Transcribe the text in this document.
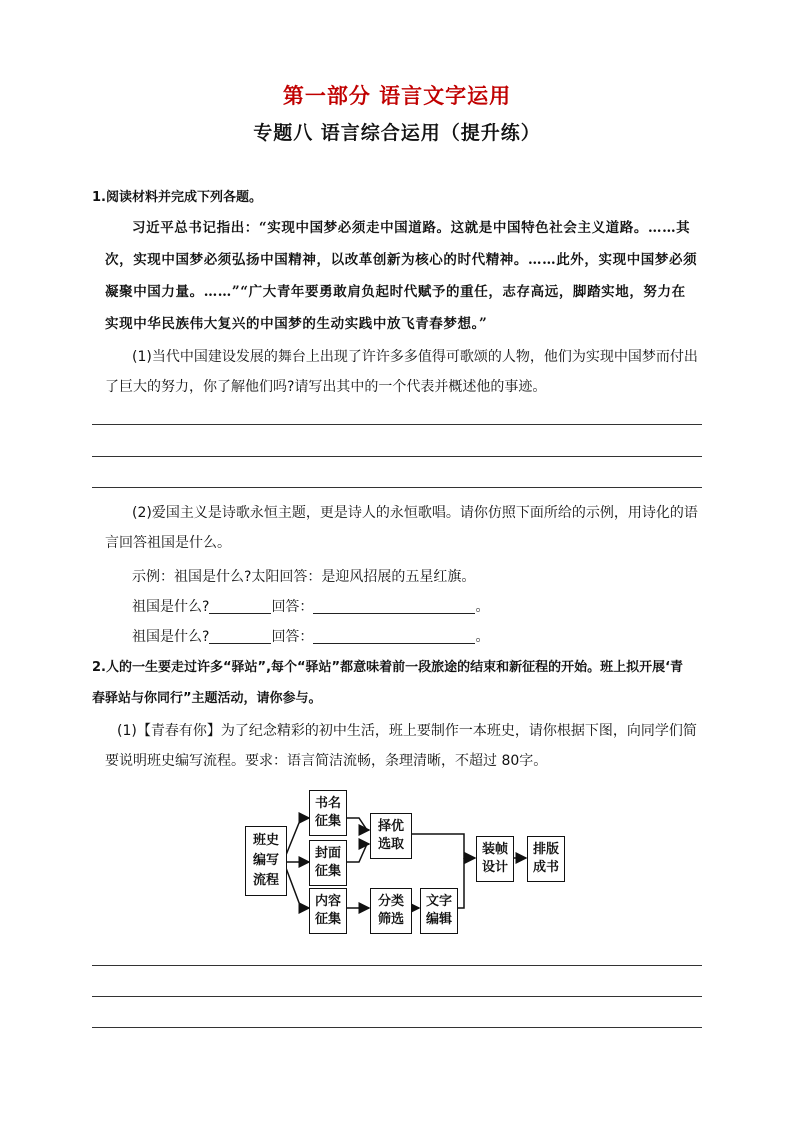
第一部分 语言文字运用
专题八 语言综合运用（提升练）
1.阅读材料并完成下列各题。
习近平总书记指出：“实现中国梦必须走中国道路。这就是中国特色社会主义道路。……其
次，实现中国梦必须弘扬中国精神，以改革创新为核心的时代精神。……此外，实现中国梦必须
凝聚中国力量。……”“广大青年要勇敢肩负起时代赋予的重任，志存高远，脚踏实地，努力在
实现中华民族伟大复兴的中国梦的生动实践中放飞青春梦想。”
(1)当代中国建设发展的舞台上出现了许许多多值得可歌颂的人物，他们为实现中国梦而付出
了巨大的努力，你了解他们吗?请写出其中的一个代表并概述他的事迹。
(2)爱国主义是诗歌永恒主题，更是诗人的永恒歌唱。请你仿照下面所给的示例，用诗化的语
言回答祖国是什么。
示例：祖国是什么?太阳回答：是迎风招展的五星红旗。
祖国是什么?	回答：	。
祖国是什么?	回答：	。
2.人的一生要走过许多“驿站”,每个“驿站”都意味着前一段旅途的结束和新征程的开始。班上拟开展‘青
春驿站与你同行”主题活动，请你参与。
(1)【青春有你】为了纪念精彩的初中生活，班上要制作一本班史，请你根据下图，向同学们简
要说明班史编写流程。要求：语言简洁流畅，条理清晰，不超过 80字。
班史
编写
流程
书名
征集
封面
征集
内容
征集
择优
选取
分类
筛选
文字
编辑
装帧
设计
排版
成书
